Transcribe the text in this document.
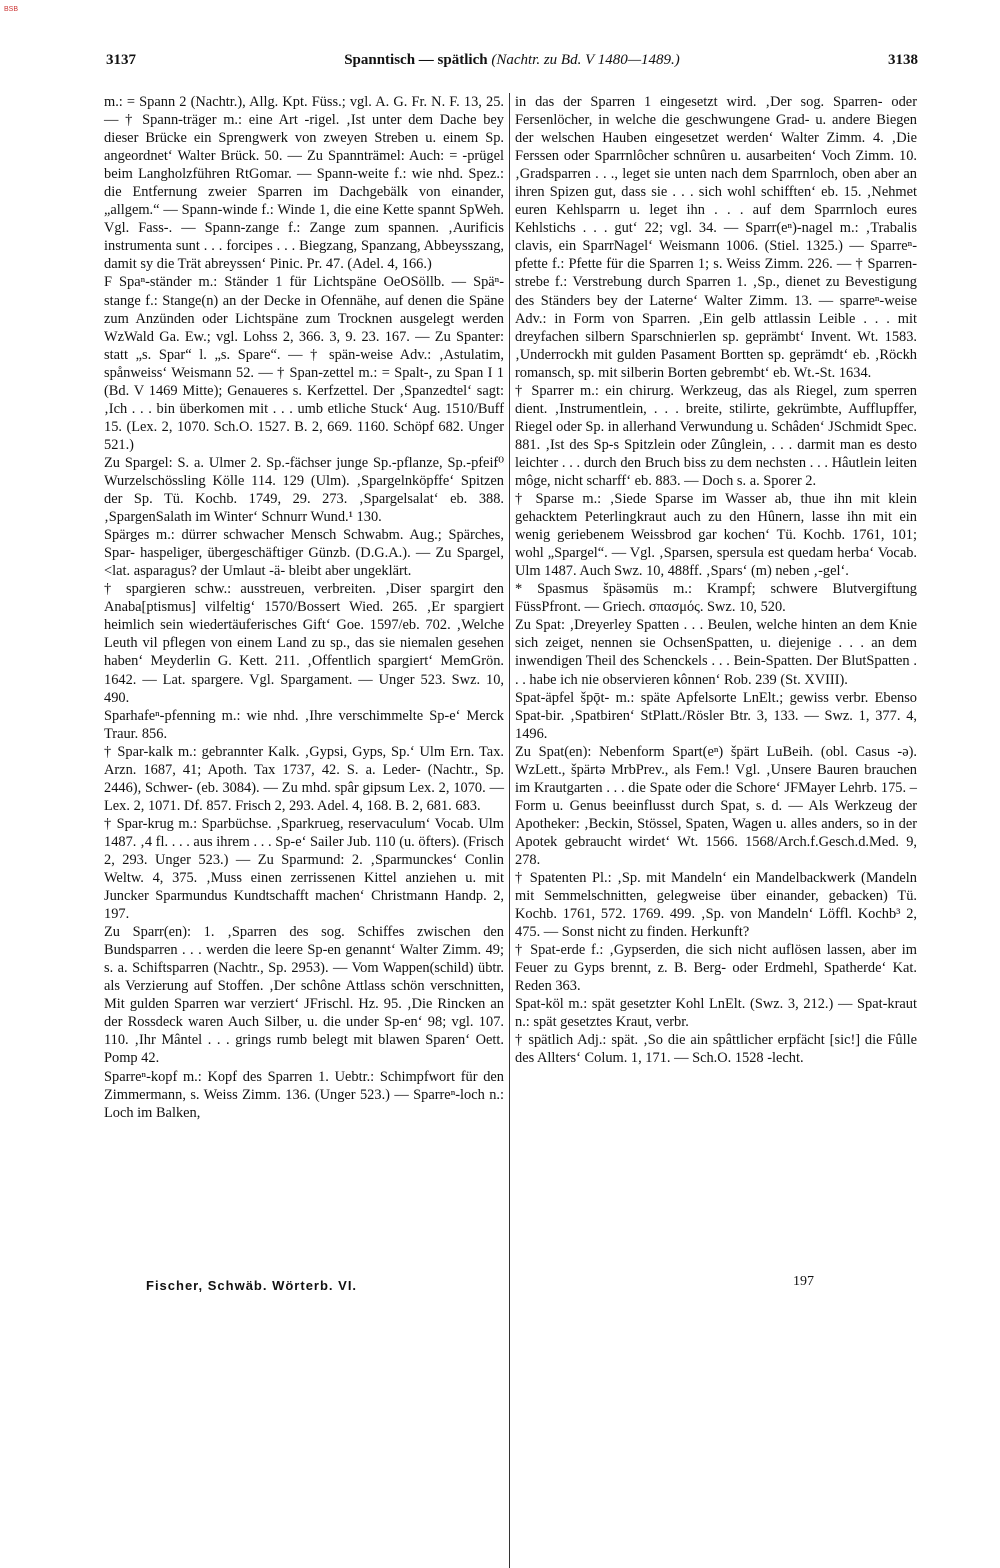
BSB
3137	Spanntisch — spätlich (Nachtr. zu Bd. V 1480—1489.)	3138

m.: = Spann 2 (Nachtr.), Allg. Kpt. Füss.; vgl. A. G. Fr. N. F. 13, 25. — † Spann-träger m.: eine Art -rigel. ‚Ist unter dem Dache bey dieser Brücke ein Sprengwerk von zweyen Streben u. einem Sp. angeordnet‘ Walter Brück. 50. — Zu Spannträmel: Auch: = -prügel beim Langholzführen RtGomar. — Spann-weite f.: wie nhd. Spez.: die Entfernung zweier Sparren im Dachgebälk von einander, „allgem.“ — Spann-winde f.: Winde 1, die eine Kette spannt SpWeh. Vgl. Fass-. — Spann-zange f.: Zange zum spannen. ‚Aurificis instrumenta sunt . . . forcipes . . . Biegzang, Spanzang, Abbeysszang, damit sy die Trät abreyssen‘ Pinic. Pr. 47. (Adel. 4, 166.)

F Spaⁿ-ständer m.: Ständer 1 für Lichtspäne OeOSöllb. — Späⁿ-stange f.: Stange(n) an der Decke in Ofennähe, auf denen die Späne zum Anzünden oder Lichtspäne zum Trocknen ausgelegt werden WzWald Ga. Ew.; vgl. Lohss 2, 366. 3, 9. 23. 167. — Zu Spanter: statt „s. Spar“ l. „s. Spare“. — † spän-weise Adv.: ‚Astulatim, spånweiss‘ Weismann 52. — † Span-zettel m.: = Spalt-, zu Span I 1 (Bd. V 1469 Mitte); Genaueres s. Kerfzettel. Der ‚Spanzedtel‘ sagt: ‚Ich . . . bin überkomen mit . . . umb etliche Stuck‘ Aug. 1510/Buff 15. (Lex. 2, 1070. Sch.O. 1527. B. 2, 669. 1160. Schöpf 682. Unger 521.)

Zu Spargel: S. a. Ulmer 2. Sp.-fächser junge Sp.-pflanze, Sp.-pfeif⁰ Wurzelschössling Kölle 114. 129 (Ulm). ‚Spargelnköpffe‘ Spitzen der Sp. Tü. Kochb. 1749, 29. 273. ‚Spargelsalat‘ eb. 388. ‚SpargenSalath im Winter‘ Schnurr Wund.¹ 130.

Spärges m.: dürrer schwacher Mensch Schwabm. Aug.; Spärches, Spar- haspeliger, übergeschäftiger Günzb. (D.G.A.). — Zu Spargel, <lat. asparagus? der Umlaut -ä- bleibt aber ungeklärt.

† spargieren schw.: ausstreuen, verbreiten. ‚Diser spargirt den Anaba[ptismus] vilfeltig‘ 1570/Bossert Wied. 265. ‚Er spargiert heimlich sein wiedertäuferisches Gift‘ Goe. 1597/eb. 702. ‚Welche Leuth vil pflegen von einem Land zu sp., das sie niemalen gesehen haben‘ Meyderlin G. Kett. 211. ‚Offentlich spargiert‘ MemGrön. 1642. — Lat. spargere. Vgl. Spargament. — Unger 523. Swz. 10, 490.

Sparhafeⁿ-pfenning m.: wie nhd. ‚Ihre verschimmelte Sp-e‘ Merck Traur. 856.

† Spar-kalk m.: gebrannter Kalk. ‚Gypsi, Gyps, Sp.‘ Ulm Ern. Tax. Arzn. 1687, 41; Apoth. Tax 1737, 42. S. a. Leder- (Nachtr., Sp. 2446), Schwer- (eb. 3084). — Zu mhd. spâr gipsum Lex. 2, 1070. — Lex. 2, 1071. Df. 857. Frisch 2, 293. Adel. 4, 168. B. 2, 681. 683.

† Spar-krug m.: Sparbüchse. ‚Sparkrueg, reservaculum‘ Vocab. Ulm 1487. ‚4 fl. . . . aus ihrem . . . Sp-e‘ Sailer Jub. 110 (u. öfters). (Frisch 2, 293. Unger 523.) — Zu Sparmund: 2. ‚Sparmunckes‘ Conlin Weltw. 4, 375. ‚Muss einen zerrissenen Kittel anziehen u. mit Juncker Sparmundus Kundtschafft machen‘ Christmann Handp. 2, 197.

Zu Sparr(en): 1. ‚Sparren des sog. Schiffes zwischen den Bundsparren . . . werden die leere Sp-en genannt‘ Walter Zimm. 49; s. a. Schiftsparren (Nachtr., Sp. 2953). — Vom Wappen(schild) übtr. als Verzierung auf Stoffen. ‚Der schône Attlass schön verschnitten, Mit gulden Sparren war verziert‘ JFrischl. Hz. 95. ‚Die Rincken an der Rossdeck waren Auch Silber, u. die under Sp-en‘ 98; vgl. 107. 110. ‚Ihr Mântel . . . grings rumb belegt mit blawen Sparen‘ Oett. Pomp 42.

Sparreⁿ-kopf m.: Kopf des Sparren 1. Uebtr.: Schimpfwort für den Zimmermann, s. Weiss Zimm. 136. (Unger 523.) — Sparreⁿ-loch n.: Loch im Balken,

in das der Sparren 1 eingesetzt wird. ‚Der sog. Sparren- oder Fersenlöcher, in welche die geschwungene Grad- u. andere Biegen der welschen Hauben eingesetzet werden‘ Walter Zimm. 4. ‚Die Ferssen oder Sparrnlôcher schnûren u. ausarbeiten‘ Voch Zimm. 10. ‚Gradsparren . . ., leget sie unten nach dem Sparrnloch, oben aber an ihren Spizen gut, dass sie . . . sich wohl schifften‘ eb. 15. ‚Nehmet euren Kehlsparrn u. leget ihn . . . auf dem Sparrnloch eures Kehlstichs . . . gut‘ 22; vgl. 34. — Sparr(eⁿ)-nagel m.: ‚Trabalis clavis, ein SparrNagel‘ Weismann 1006. (Stiel. 1325.) — Sparreⁿ-pfette f.: Pfette für die Sparren 1; s. Weiss Zimm. 226. — † Sparren-strebe f.: Verstrebung durch Sparren 1. ‚Sp., dienet zu Bevestigung des Ständers bey der Laterne‘ Walter Zimm. 13. — sparreⁿ-weise Adv.: in Form von Sparren. ‚Ein gelb attlassin Leible . . . mit dreyfachen silbern Sparschnierlen sp. geprämbt‘ Invent. Wt. 1583. ‚Underrockh mit gulden Pasament Bortten sp. geprämdt‘ eb. ‚Röckh romansch, sp. mit silberin Borten gebrembt‘ eb. Wt.-St. 1634.

† Sparrer m.: ein chirurg. Werkzeug, das als Riegel, zum sperren dient. ‚Instrumentlein, . . . breite, stilirte, gekrümbte, Aufflupffer, Riegel oder Sp. in allerhand Verwundung u. Schâden‘ JSchmidt Spec. 881. ‚Ist des Sp-s Spitzlein oder Zûnglein, . . . darmit man es desto leichter . . . durch den Bruch biss zu dem nechsten . . . Hâutlein leiten môge, nicht scharff‘ eb. 883. — Doch s. a. Sporer 2.

† Sparse m.: ‚Siede Sparse im Wasser ab, thue ihn mit klein gehacktem Peterlingkraut auch zu den Hûnern, lasse ihn mit ein wenig geriebenem Weissbrod gar kochen‘ Tü. Kochb. 1761, 101; wohl „Spargel“. — Vgl. ‚Sparsen, spersula est quedam herba‘ Vocab. Ulm 1487. Auch Swz. 10, 488ff. ‚Spars‘ (m) neben ‚-gel‘.

* Spasmus špäsəmüs m.: Krampf; schwere Blutvergiftung FüssPfront. — Griech. σπασμός. Swz. 10, 520.

Zu Spat: ‚Dreyerley Spatten . . . Beulen, welche hinten an dem Knie sich zeiget, nennen sie OchsenSpatten, u. diejenige . . . an dem inwendigen Theil des Schenckels . . . Bein-Spatten. Der BlutSpatten . . . habe ich nie observieren kônnen‘ Rob. 239 (St. XVIII).

Spat-äpfel špǭt- m.: späte Apfelsorte LnElt.; gewiss verbr. Ebenso Spat-bir. ‚Spatbiren‘ StPlatt./Rösler Btr. 3, 133. — Swz. 1, 377. 4, 1496.

Zu Spat(en): Nebenform Spart(eⁿ) špärt LuBeih. (obl. Casus -ə). WzLett., špärtə MrbPrev., als Fem.! Vgl. ‚Unsere Bauren brauchen im Krautgarten . . . die Spate oder die Schore‘ JFMayer Lehrb. 175. – Form u. Genus beeinflusst durch Spat, s. d. — Als Werkzeug der Apotheker: ‚Beckin, Stössel, Spaten, Wagen u. alles anders, so in der Apotek gebraucht wirdet‘ Wt. 1566. 1568/Arch.f.Gesch.d.Med. 9, 278.

† Spatenten Pl.: ‚Sp. mit Mandeln‘ ein Mandelbackwerk (Mandeln mit Semmelschnitten, gelegweise über einander, gebacken) Tü. Kochb. 1761, 572. 1769. 499. ‚Sp. von Mandeln‘ Löffl. Kochb³ 2, 475. — Sonst nicht zu finden. Herkunft?

† Spat-erde f.: ‚Gypserden, die sich nicht auflösen lassen, aber im Feuer zu Gyps brennt, z. B. Berg- oder Erdmehl, Spatherde‘ Kat. Reden 363.

Spat-köl m.: spät gesetzter Kohl LnElt. (Swz. 3, 212.) — Spat-kraut n.: spät gesetztes Kraut, verbr.

† spätlich Adj.: spät. ‚So die ain spâttlicher erpfächt [sic!] die Fûlle des Allters‘ Colum. 1, 171. — Sch.O. 1528 -lecht.

Fischer, Schwäb. Wörterb. VI.	197
